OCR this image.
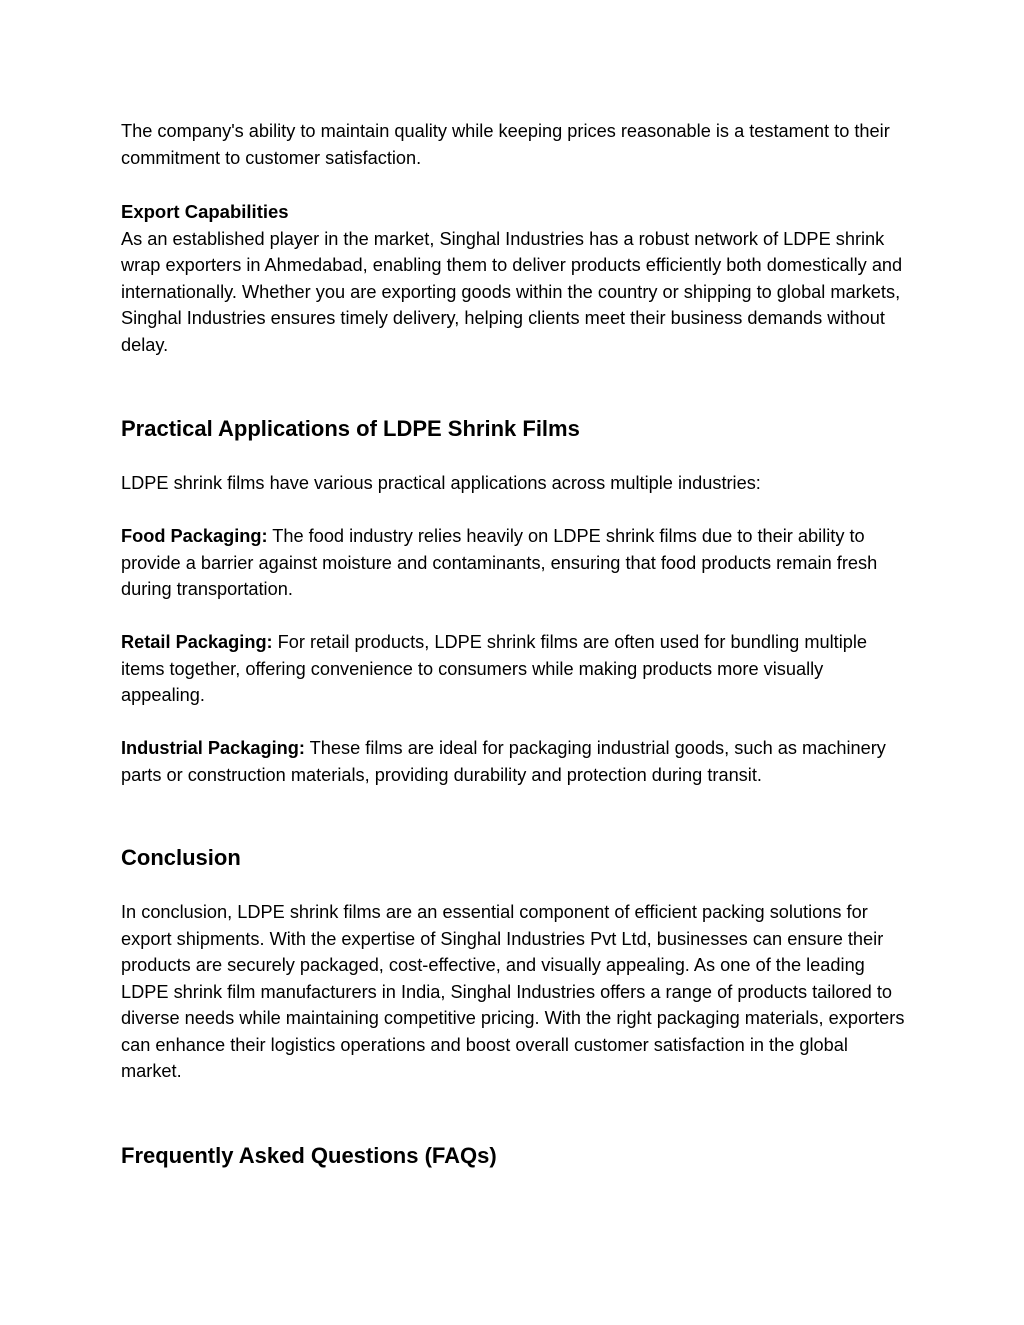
The company's ability to maintain quality while keeping prices reasonable is a testament to their commitment to customer satisfaction.

Export Capabilities

As an established player in the market, Singhal Industries has a robust network of LDPE shrink wrap exporters in Ahmedabad, enabling them to deliver products efficiently both domestically and internationally. Whether you are exporting goods within the country or shipping to global markets, Singhal Industries ensures timely delivery, helping clients meet their business demands without delay.

Practical Applications of LDPE Shrink Films

LDPE shrink films have various practical applications across multiple industries:

Food Packaging: The food industry relies heavily on LDPE shrink films due to their ability to provide a barrier against moisture and contaminants, ensuring that food products remain fresh during transportation.

Retail Packaging: For retail products, LDPE shrink films are often used for bundling multiple items together, offering convenience to consumers while making products more visually appealing.

Industrial Packaging: These films are ideal for packaging industrial goods, such as machinery parts or construction materials, providing durability and protection during transit.

Conclusion

In conclusion, LDPE shrink films are an essential component of efficient packing solutions for export shipments. With the expertise of Singhal Industries Pvt Ltd, businesses can ensure their products are securely packaged, cost-effective, and visually appealing. As one of the leading LDPE shrink film manufacturers in India, Singhal Industries offers a range of products tailored to diverse needs while maintaining competitive pricing. With the right packaging materials, exporters can enhance their logistics operations and boost overall customer satisfaction in the global market.

Frequently Asked Questions (FAQs)
